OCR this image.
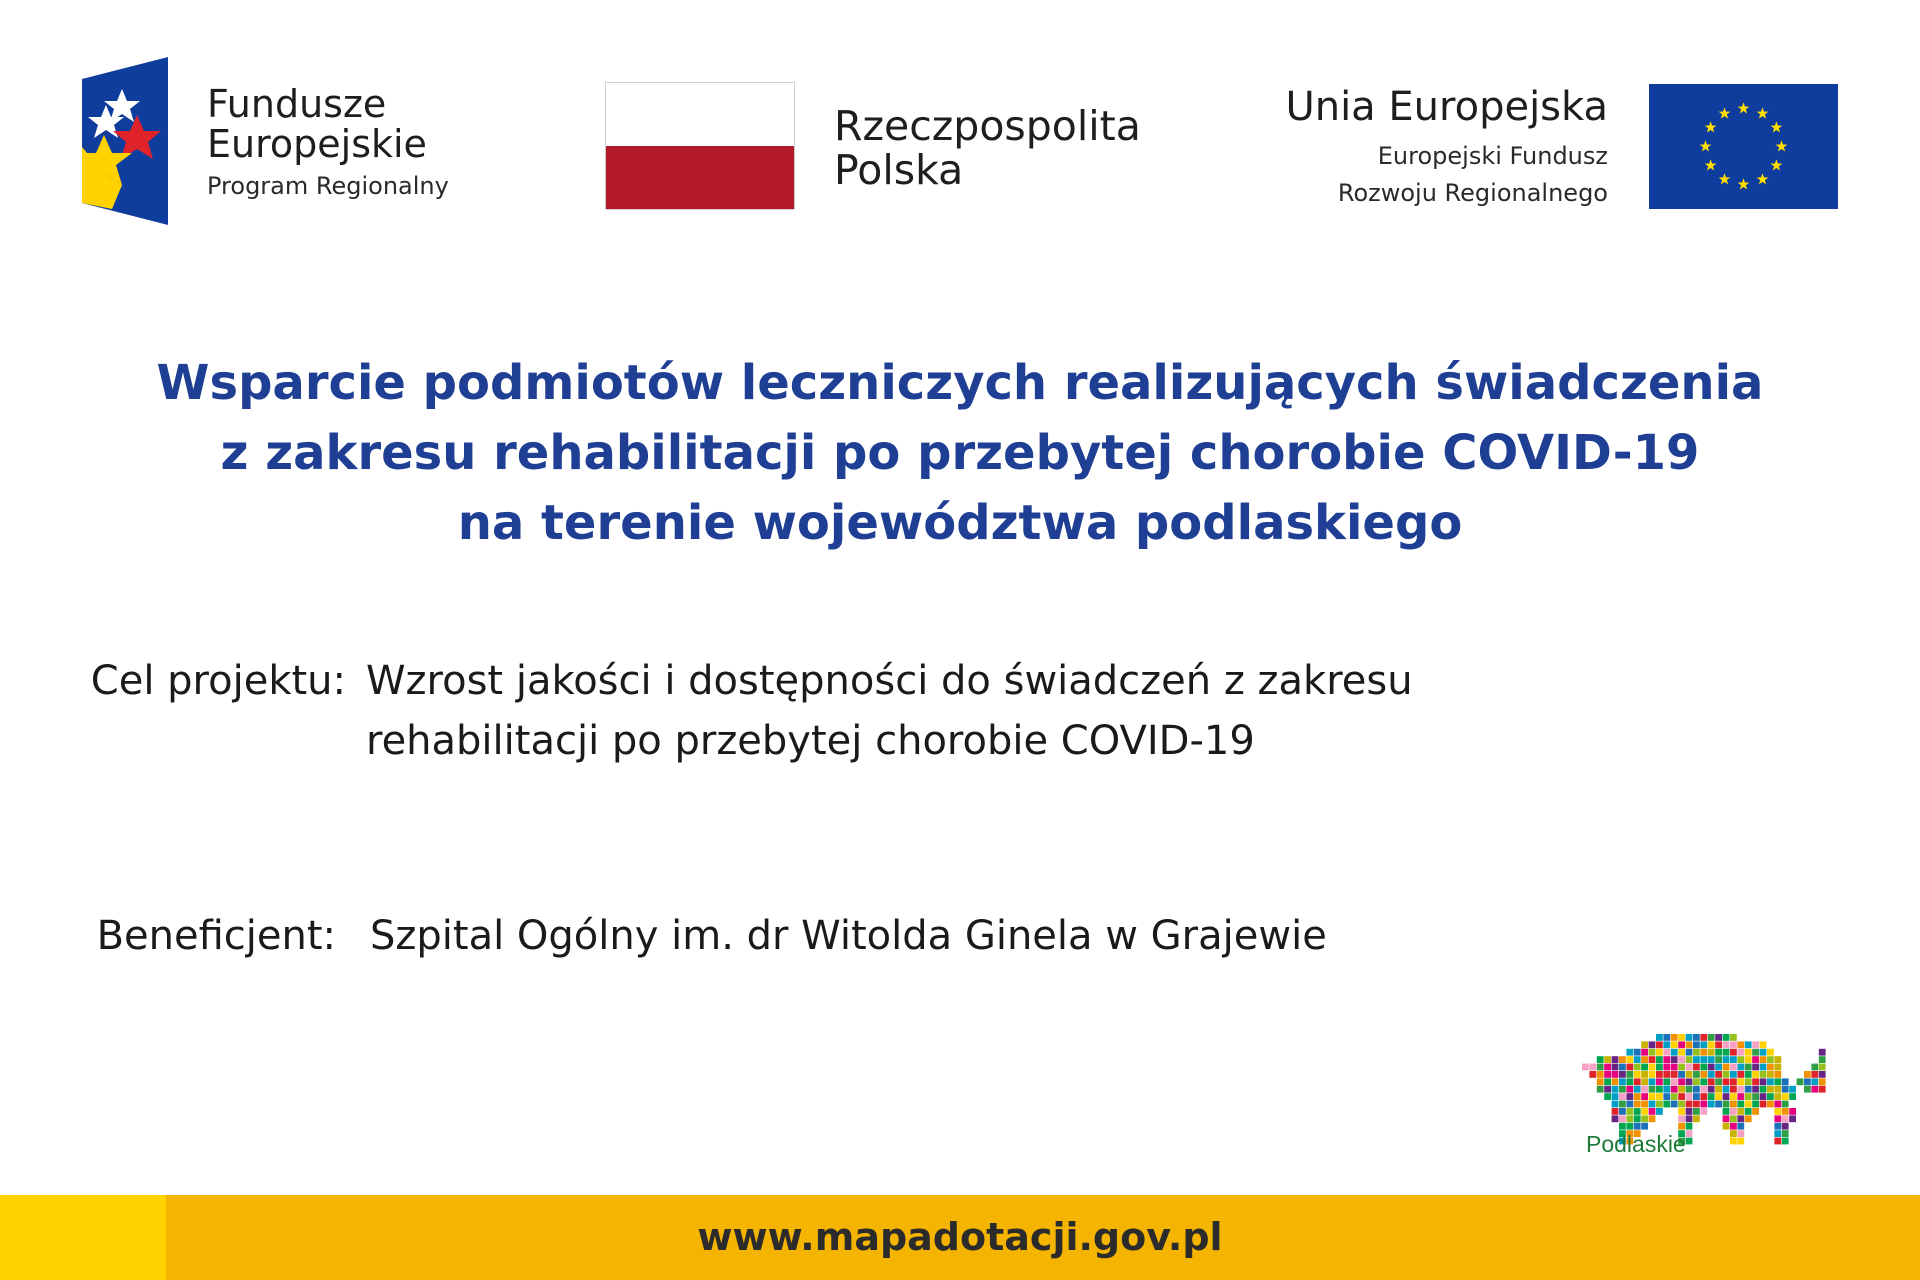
Fundusze
Europejskie
Program Regionalny
Rzeczpospolita
Polska
Unia Europejska
Europejski Fundusz
Rozwoju Regionalnego
Wsparcie podmiotów leczniczych realizujących świadczenia
z zakresu rehabilitacji po przebytej chorobie COVID-19
na terenie województwa podlaskiego
Cel projektu: Wzrost jakości i dostępności do świadczeń z zakresu
rehabilitacji po przebytej chorobie COVID-19
Beneficjent: Szpital Ogólny im. dr Witolda Ginela w Grajewie
Podlaskie
www.mapadotacji.gov.pl
